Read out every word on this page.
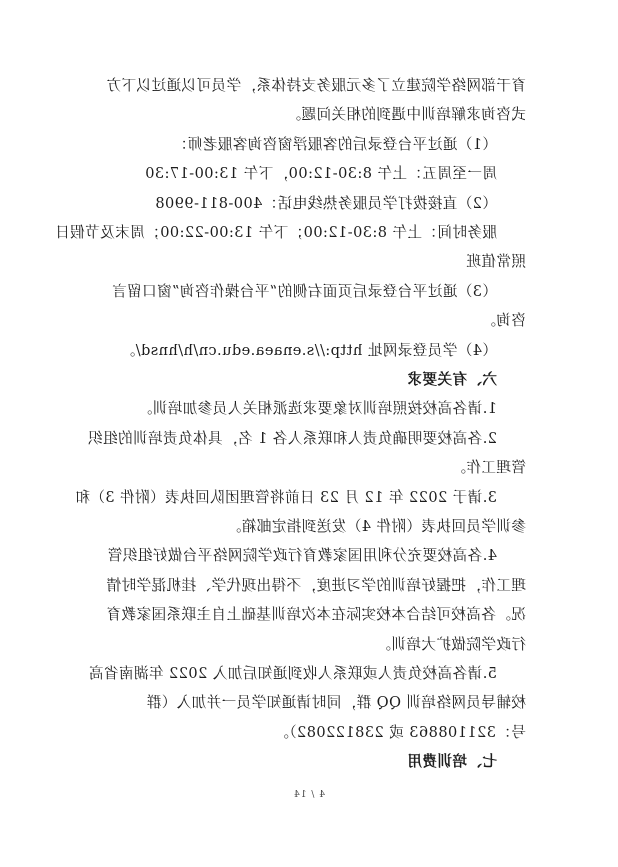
育干部网络学院建立了多元服务支持体系，学员可以通过以下方
式咨询求解培训中遇到的相关问题。
（1）通过平台登录后的客服浮窗咨询客服老师：
周一至周五：上午 8:30-12:00，下午 13:00-17:30
（2）直接拨打学员服务热线电话：400-811-9908
服务时间：上午 8:30-12:00；下午 13:00-22:00；周末及节假日
照常值班
（3）通过平台登录后页面右侧的“平台操作咨询”窗口留言
咨询。
（4）学员登录网址 http://s.enaea.edu.cn/h/hnsd/。
六、有关要求
1.请各高校按照培训对象要求选派相关人员参加培训。
2.各高校要明确负责人和联系人各 1 名，具体负责培训的组织
管理工作。
3.请于 2022 年 12 月 23 日前将管理团队回执表（附件 3）和
参训学员回执表（附件 4）发送到指定邮箱。
4.各高校要充分利用国家教育行政学院网络平台做好组织管
理工作，把握好培训的学习进度，不得出现代学、挂机混学时情
况。各高校可结合本校实际在本次培训基础上自主联系国家教育
行政学院做扩大培训。
5.请各高校负责人或联系人收到通知后加入 2022 年湖南省高
校辅导员网络培训 QQ 群，同时请通知学员一并加入（群
号：321108863 或 238122082）。
七、培训费用
4 / 14
